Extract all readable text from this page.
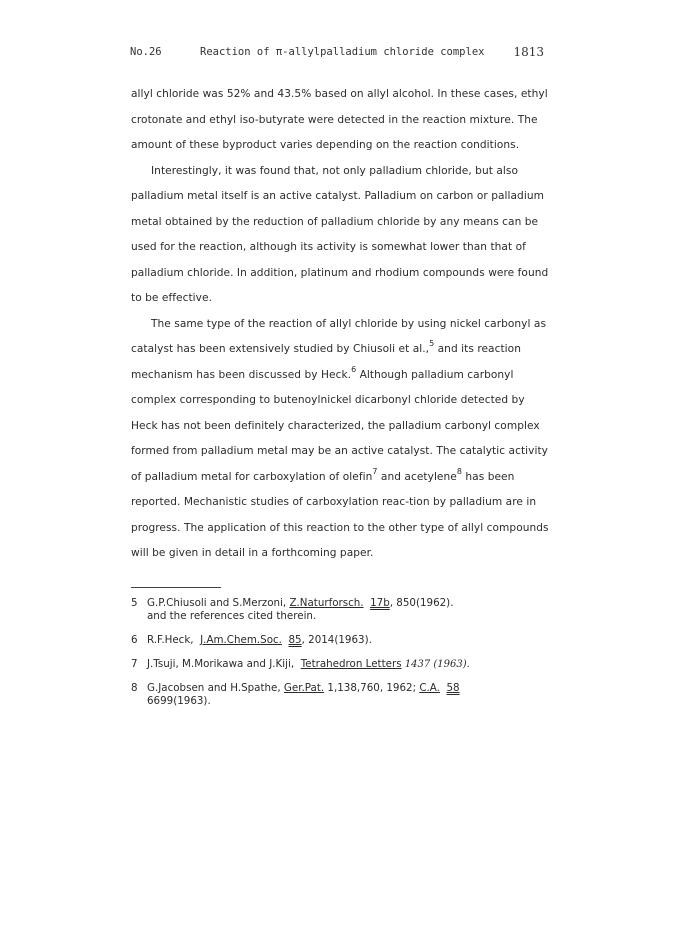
No.26	Reaction of π-allylpalladium chloride complex 1813

allyl chloride was 52% and 43.5% based on allyl alcohol. In these cases, ethyl crotonate and ethyl iso-butyrate were detected in the reaction mixture. The amount of these byproduct varies depending on the reaction conditions.

Interestingly, it was found that, not only palladium chloride, but also palladium metal itself is an active catalyst. Palladium on carbon or palladium metal obtained by the reduction of palladium chloride by any means can be used for the reaction, although its activity is somewhat lower than that of palladium chloride. In addition, platinum and rhodium compounds were found to be effective.

The same type of the reaction of allyl chloride by using nickel carbonyl as catalyst has been extensively studied by Chiusoli et al.,$^5$ and its reaction mechanism has been discussed by Heck.$^6$ Although palladium carbonyl complex corresponding to butenoylnickel dicarbonyl chloride detected by Heck has not been definitely characterized, the palladium carbonyl complex formed from palladium metal may be an active catalyst. The catalytic activity of palladium metal for carboxylation of olefin$^7$ and acetylene$^8$ has been reported. Mechanistic studies of carboxylation reac-tion by palladium are in progress. The application of this reaction to the other type of allyl compounds will be given in detail in a forthcoming paper.

5 G.P.Chiusoli and S.Merzoni, Z.Naturforsch. 17b, 850(1962).
and the references cited therein.
6 R.F.Heck,  J.Am.Chem.Soc. 85, 2014(1963).
7 J.Tsuji, M.Morikawa and J.Kiji,  Tetrahedron Letters 1437 (1963).
8 G.Jacobsen and H.Spathe, Ger.Pat. 1,138,760, 1962; C.A. 58
6699(1963).
